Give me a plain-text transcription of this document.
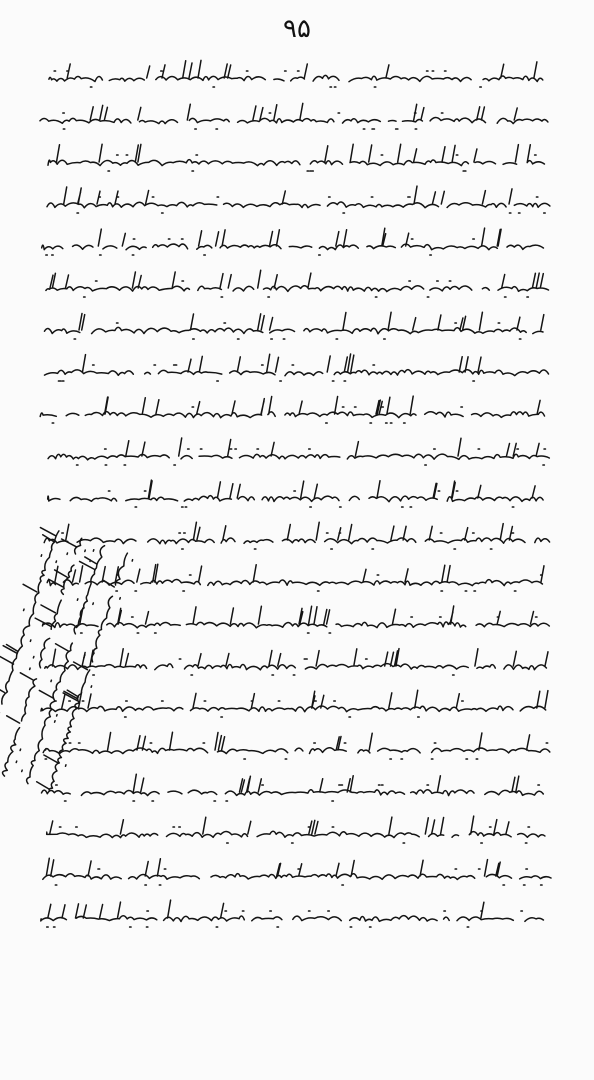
۹۵
